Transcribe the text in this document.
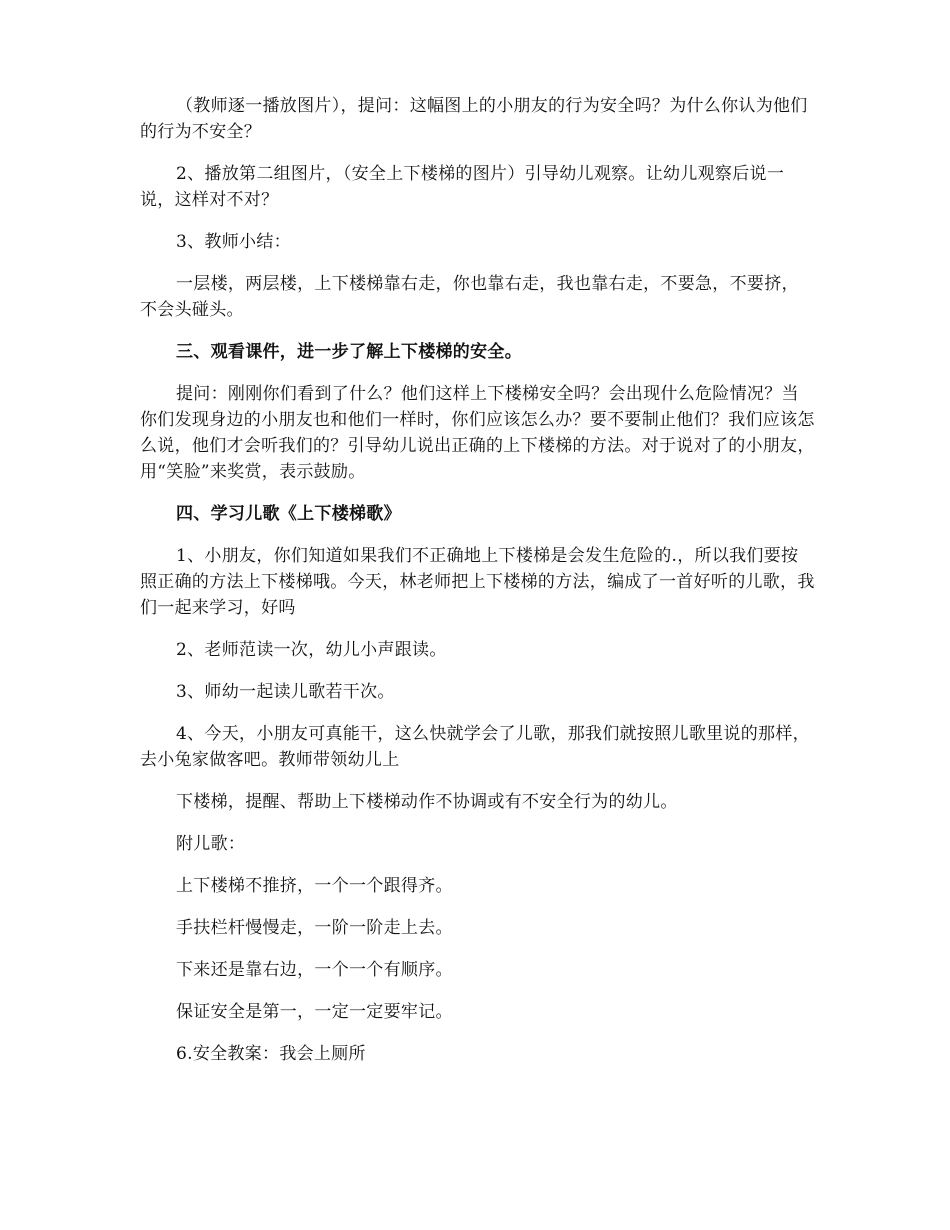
（教师逐一播放图片），提问：这幅图上的小朋友的行为安全吗？为什么你认为他们的行为不安全？

2、播放第二组图片，（安全上下楼梯的图片）引导幼儿观察。让幼儿观察后说一说，这样对不对？

3、教师小结：

一层楼，两层楼，上下楼梯靠右走，你也靠右走，我也靠右走，不要急，不要挤，不会头碰头。

三、观看课件，进一步了解上下楼梯的安全。

提问：刚刚你们看到了什么？他们这样上下楼梯安全吗？会出现什么危险情况？当你们发现身边的小朋友也和他们一样时，你们应该怎么办？要不要制止他们？我们应该怎么说，他们才会听我们的？引导幼儿说出正确的上下楼梯的方法。对于说对了的小朋友，用“笑脸”来奖赏，表示鼓励。

四、学习儿歌《上下楼梯歌》

1、小朋友，你们知道如果我们不正确地上下楼梯是会发生危险的.，所以我们要按照正确的方法上下楼梯哦。今天，林老师把上下楼梯的方法，编成了一首好听的儿歌，我们一起来学习，好吗

2、老师范读一次，幼儿小声跟读。

3、师幼一起读儿歌若干次。

4、今天，小朋友可真能干，这么快就学会了儿歌，那我们就按照儿歌里说的那样，去小兔家做客吧。教师带领幼儿上

下楼梯，提醒、帮助上下楼梯动作不协调或有不安全行为的幼儿。

附儿歌：

上下楼梯不推挤，一个一个跟得齐。

手扶栏杆慢慢走，一阶一阶走上去。

下来还是靠右边，一个一个有顺序。

保证安全是第一，一定一定要牢记。

6.安全教案：我会上厕所
